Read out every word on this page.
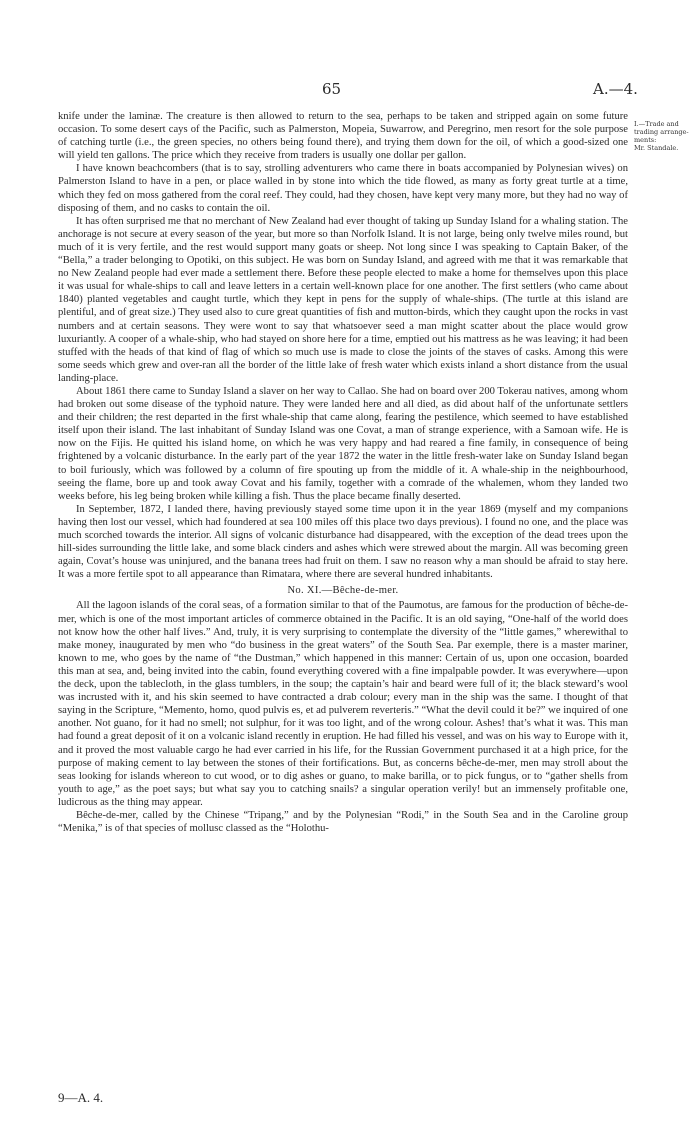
65	A.—4.
I.—Trade and
trading arrange-
ments:
Mr. Standale.

knife under the laminæ. The creature is then allowed to return to the sea, perhaps to be taken and stripped again on some future occasion. To some desert cays of the Pacific, such as Palmerston, Mopeia, Suwarrow, and Peregrino, men resort for the sole purpose of catching turtle (i.e., the green species, no others being found there), and trying them down for the oil, of which a good-sized one will yield ten gallons. The price which they receive from traders is usually one dollar per gallon.

I have known beachcombers (that is to say, strolling adventurers who came there in boats accompanied by Polynesian wives) on Palmerston Island to have in a pen, or place walled in by stone into which the tide flowed, as many as forty great turtle at a time, which they fed on moss gathered from the coral reef. They could, had they chosen, have kept very many more, but they had no way of disposing of them, and no casks to contain the oil.

It has often surprised me that no merchant of New Zealand had ever thought of taking up Sunday Island for a whaling station. The anchorage is not secure at every season of the year, but more so than Norfolk Island. It is not large, being only twelve miles round, but much of it is very fertile, and the rest would support many goats or sheep. Not long since I was speaking to Captain Baker, of the “Bella,” a trader belonging to Opotiki, on this subject. He was born on Sunday Island, and agreed with me that it was remarkable that no New Zealand people had ever made a settlement there. Before these people elected to make a home for themselves upon this place it was usual for whale-ships to call and leave letters in a certain well-known place for one another. The first settlers (who came about 1840) planted vegetables and caught turtle, which they kept in pens for the supply of whale-ships. (The turtle at this island are plentiful, and of great size.) They used also to cure great quantities of fish and mutton-birds, which they caught upon the rocks in vast numbers and at certain seasons. They were wont to say that whatsoever seed a man might scatter about the place would grow luxuriantly. A cooper of a whale-ship, who had stayed on shore here for a time, emptied out his mattress as he was leaving; it had been stuffed with the heads of that kind of flag of which so much use is made to close the joints of the staves of casks. Among this were some seeds which grew and over-ran all the border of the little lake of fresh water which exists inland a short distance from the usual landing-place.

About 1861 there came to Sunday Island a slaver on her way to Callao. She had on board over 200 Tokerau natives, among whom had broken out some disease of the typhoid nature. They were landed here and all died, as did about half of the unfortunate settlers and their children; the rest departed in the first whale-ship that came along, fearing the pestilence, which seemed to have established itself upon their island. The last inhabitant of Sunday Island was one Covat, a man of strange experience, with a Samoan wife. He is now on the Fijis. He quitted his island home, on which he was very happy and had reared a fine family, in consequence of being frightened by a volcanic disturbance. In the early part of the year 1872 the water in the little fresh-water lake on Sunday Island began to boil furiously, which was followed by a column of fire spouting up from the middle of it. A whale-ship in the neighbourhood, seeing the flame, bore up and took away Covat and his family, together with a comrade of the whalemen, whom they landed two weeks before, his leg being broken while killing a fish. Thus the place became finally deserted.

In September, 1872, I landed there, having previously stayed some time upon it in the year 1869 (myself and my companions having then lost our vessel, which had foundered at sea 100 miles off this place two days previous). I found no one, and the place was much scorched towards the interior. All signs of volcanic disturbance had disappeared, with the exception of the dead trees upon the hill-sides surrounding the little lake, and some black cinders and ashes which were strewed about the margin. All was becoming green again, Covat’s house was uninjured, and the banana trees had fruit on them. I saw no reason why a man should be afraid to stay here. It was a more fertile spot to all appearance than Rimatara, where there are several hundred inhabitants.

No. XI.—Bêche-de-mer.

All the lagoon islands of the coral seas, of a formation similar to that of the Paumotus, are famous for the production of bêche-de-mer, which is one of the most important articles of commerce obtained in the Pacific. It is an old saying, “One-half of the world does not know how the other half lives.” And, truly, it is very surprising to contemplate the diversity of the “little games,” wherewithal to make money, inaugurated by men who “do business in the great waters” of the South Sea. Par exemple, there is a master mariner, known to me, who goes by the name of “the Dustman,” which happened in this manner: Certain of us, upon one occasion, boarded this man at sea, and, being invited into the cabin, found everything covered with a fine impalpable powder. It was everywhere—upon the deck, upon the tablecloth, in the glass tumblers, in the soup; the captain’s hair and beard were full of it; the black steward’s wool was incrusted with it, and his skin seemed to have contracted a drab colour; every man in the ship was the same. I thought of that saying in the Scripture, “Memento, homo, quod pulvis es, et ad pulverem reverteris.” “What the devil could it be?” we inquired of one another. Not guano, for it had no smell; not sulphur, for it was too light, and of the wrong colour. Ashes! that’s what it was. This man had found a great deposit of it on a volcanic island recently in eruption. He had filled his vessel, and was on his way to Europe with it, and it proved the most valuable cargo he had ever carried in his life, for the Russian Government purchased it at a high price, for the purpose of making cement to lay between the stones of their fortifications. But, as concerns bêche-de-mer, men may stroll about the seas looking for islands whereon to cut wood, or to dig ashes or guano, to make barilla, or to pick fungus, or to “gather shells from youth to age,” as the poet says; but what say you to catching snails? a singular operation verily! but an immensely profitable one, ludicrous as the thing may appear.

Bêche-de-mer, called by the Chinese “Tripang,” and by the Polynesian “Rodi,” in the South Sea and in the Caroline group “Menika,” is of that species of mollusc classed as the “Holothu-

9—A. 4.
